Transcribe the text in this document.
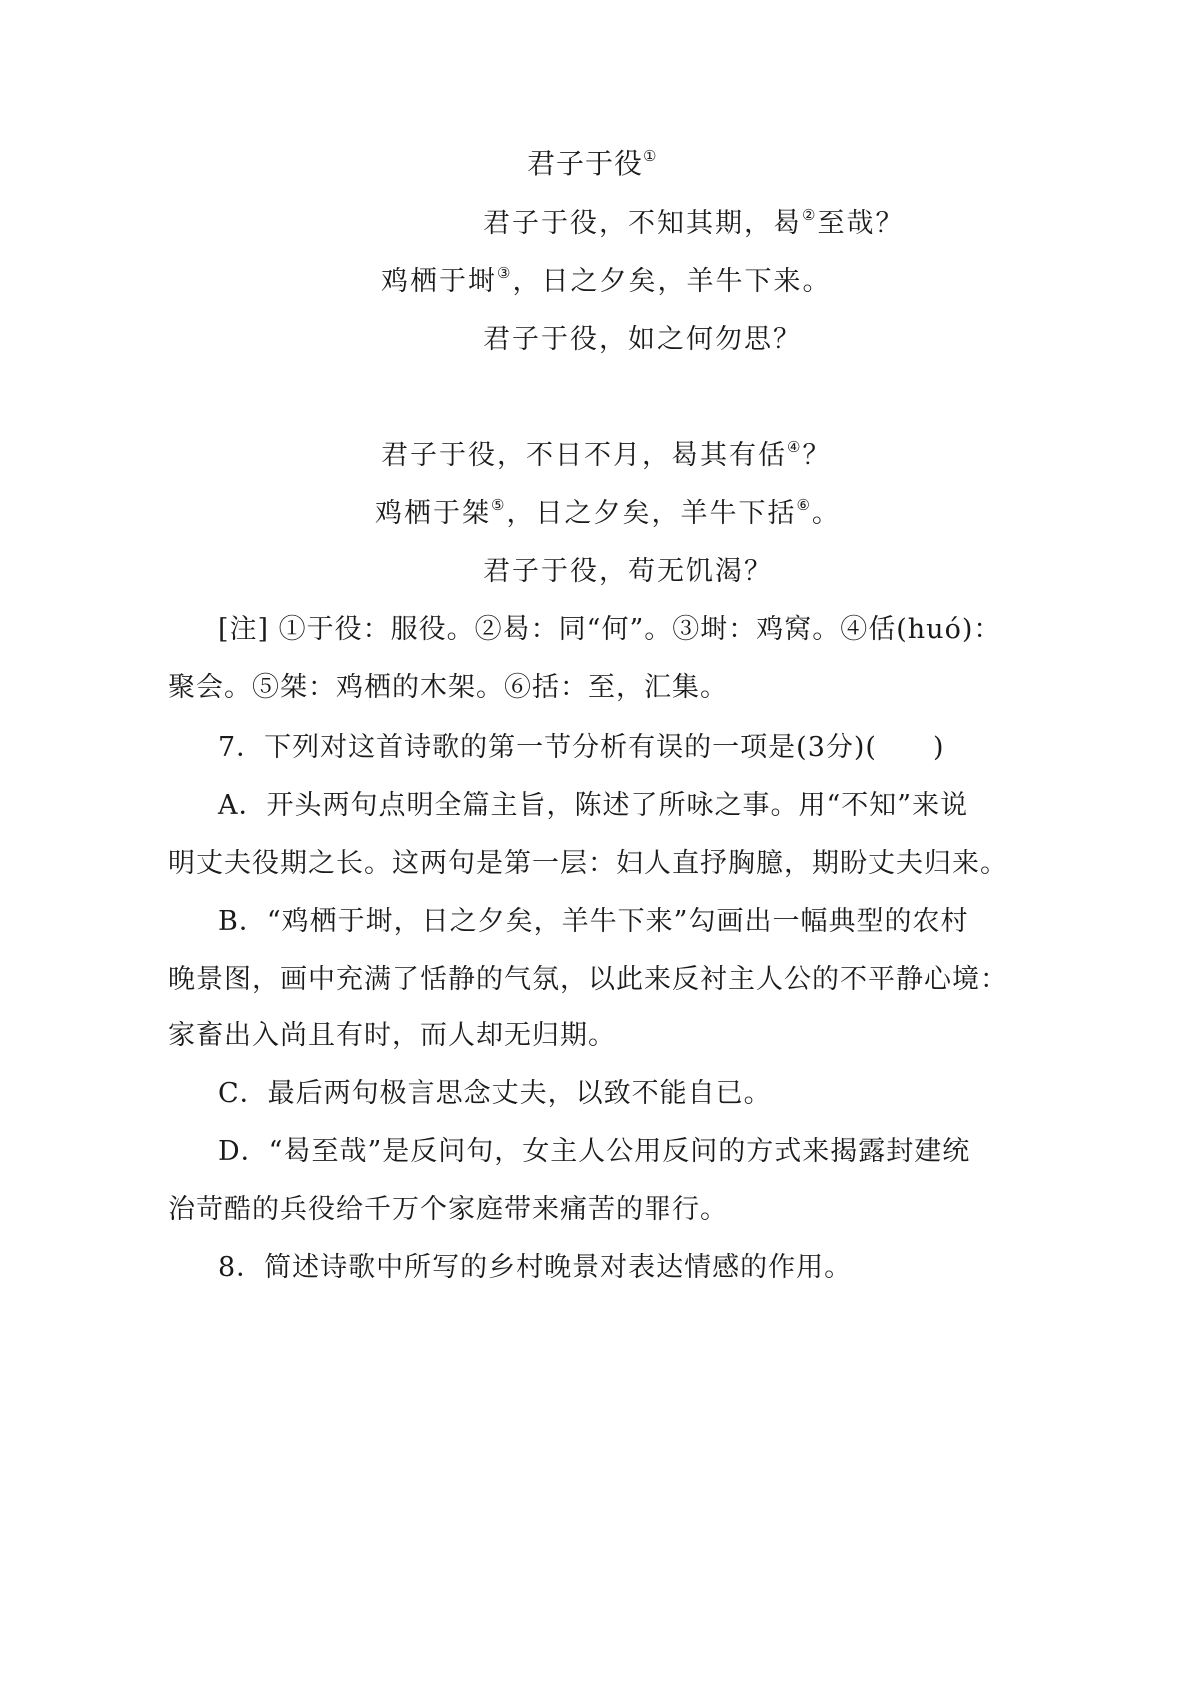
君子于役①
君子于役，不知其期，曷②至哉？
鸡栖于埘③，日之夕矣，羊牛下来。
君子于役，如之何勿思？
君子于役，不日不月，曷其有佸④？
鸡栖于桀⑤，日之夕矣，羊牛下括⑥。
君子于役，苟无饥渴？
[注] ①于役：服役。②曷：同“何”。③埘：鸡窝。④佸(huó)：
聚会。⑤桀：鸡栖的木架。⑥括：至，汇集。
7．下列对这首诗歌的第一节分析有误的一项是(3分)(　　)
A．开头两句点明全篇主旨，陈述了所咏之事。用“不知”来说
明丈夫役期之长。这两句是第一层：妇人直抒胸臆，期盼丈夫归来。
B．“鸡栖于埘，日之夕矣，羊牛下来”勾画出一幅典型的农村
晚景图，画中充满了恬静的气氛，以此来反衬主人公的不平静心境：
家畜出入尚且有时，而人却无归期。
C．最后两句极言思念丈夫，以致不能自已。
D．“曷至哉”是反问句，女主人公用反问的方式来揭露封建统
治苛酷的兵役给千万个家庭带来痛苦的罪行。
8．简述诗歌中所写的乡村晚景对表达情感的作用。
